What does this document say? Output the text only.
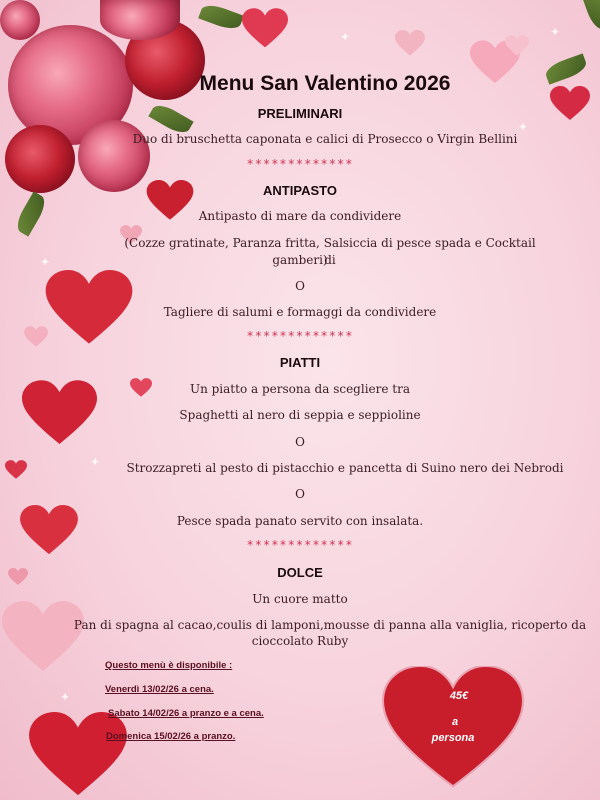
✦
✦
✦
✦
✦
✦
Menu San Valentino 2026
PRELIMINARI
Duo di bruschetta caponata e calici di Prosecco o Virgin Bellini
*************
ANTIPASTO
Antipasto di mare da condividere
(Cozze gratinate, Paranza fritta, Salsiccia di pesce spada e Cocktail di
gamberi)
O
Tagliere di salumi e formaggi da condividere
*************
PIATTI
Un piatto a persona da scegliere tra
Spaghetti al nero di seppia e seppioline
O
Strozzapreti al pesto di pistacchio e pancetta di Suino nero dei Nebrodi
O
Pesce spada panato servito con insalata.
*************
DOLCE
Un cuore matto
Pan di spagna al cacao,coulis di lamponi,mousse di panna alla vaniglia, ricoperto da
cioccolato Ruby
Questo menù è disponibile :
Venerdì 13/02/26 a cena.
Sabato 14/02/26 a pranzo e a cena.
Domenica 15/02/26 a pranzo.
45€
a
persona
